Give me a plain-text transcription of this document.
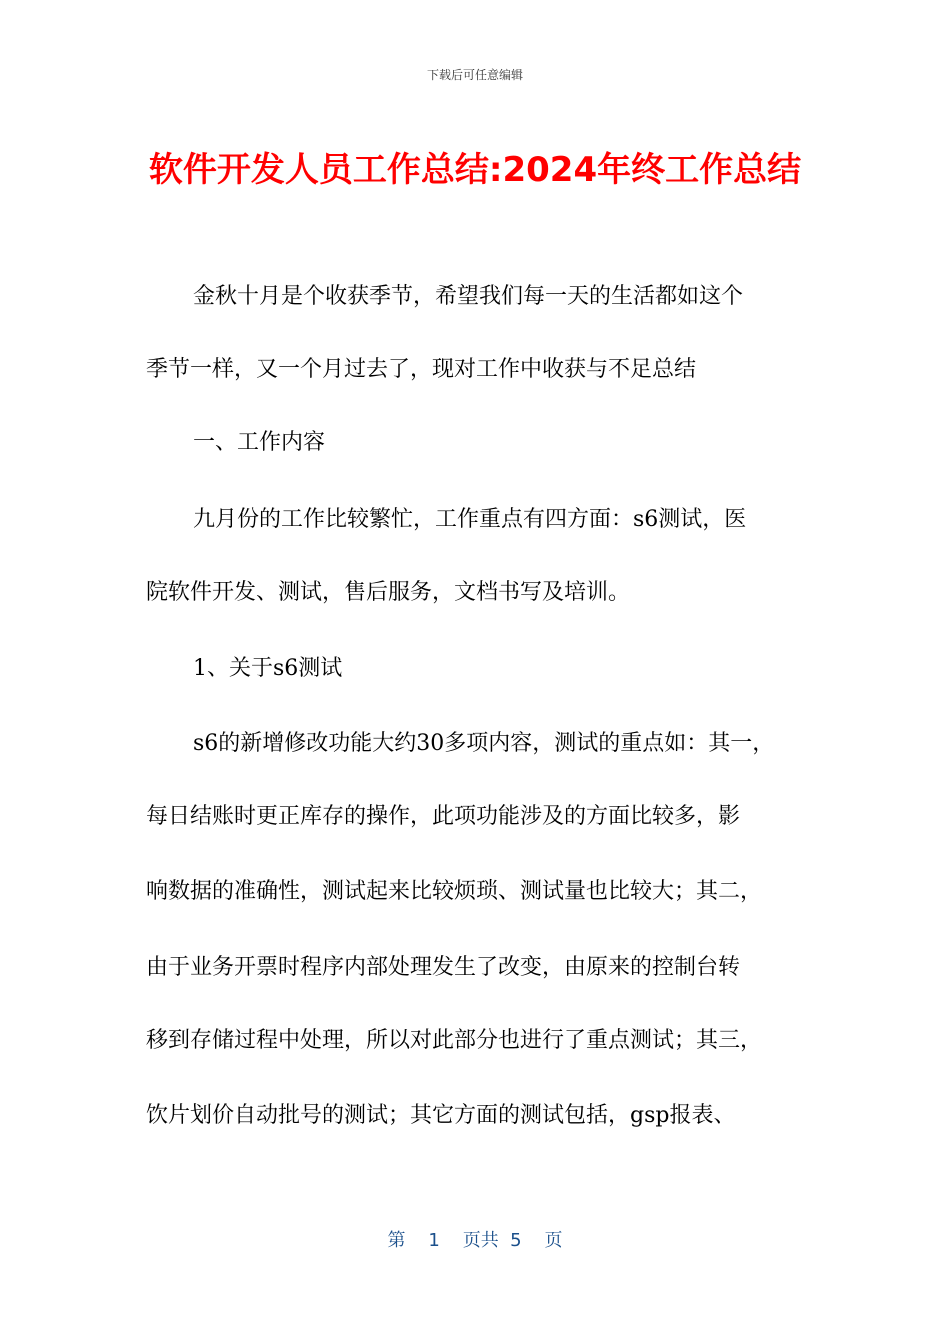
下载后可任意编辑
软件开发人员工作总结:2024年终工作总结
金秋十月是个收获季节，希望我们每一天的生活都如这个
季节一样，又一个月过去了，现对工作中收获与不足总结
一、工作内容
九月份的工作比较繁忙，工作重点有四方面：s6测试，医
院软件开发、测试，售后服务，文档书写及培训。
1、关于s6测试
s6的新增修改功能大约30多项内容，测试的重点如：其一，
每日结账时更正库存的操作，此项功能涉及的方面比较多，影
响数据的准确性，测试起来比较烦琐、测试量也比较大；其二，
由于业务开票时程序内部处理发生了改变，由原来的控制台转
移到存储过程中处理，所以对此部分也进行了重点测试；其三，
饮片划价自动批号的测试；其它方面的测试包括，gsp报表、
第 1 页共 5 页
